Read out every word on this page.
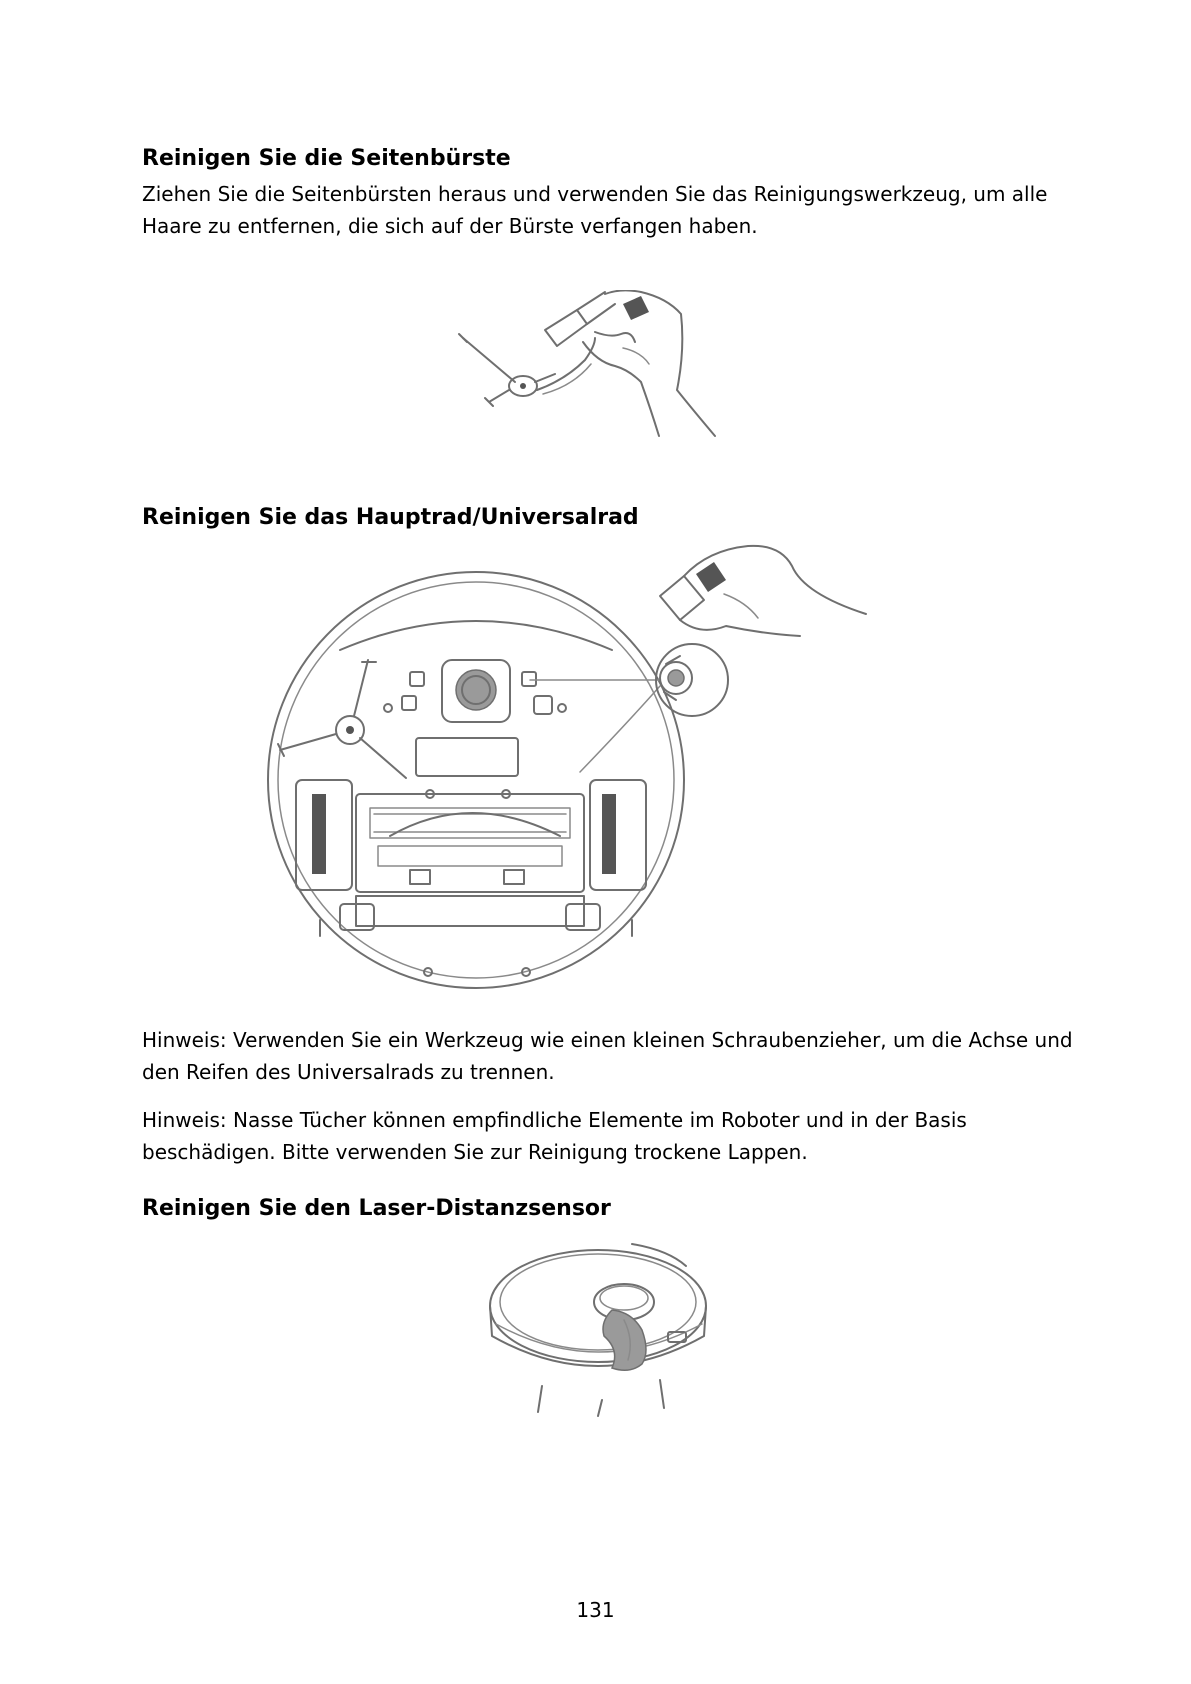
Reinigen Sie die Seitenbürste

Ziehen Sie die Seitenbürsten heraus und verwenden Sie das Reinigungswerkzeug, um alle
Haare zu entfernen, die sich auf der Bürste verfangen haben.

Reinigen Sie das Hauptrad/Universalrad

Hinweis: Verwenden Sie ein Werkzeug wie einen kleinen Schraubenzieher, um die Achse und
den Reifen des Universalrads zu trennen.

Hinweis: Nasse Tücher können empfindliche Elemente im Roboter und in der Basis
beschädigen. Bitte verwenden Sie zur Reinigung trockene Lappen.

Reinigen Sie den Laser-Distanzsensor
131
